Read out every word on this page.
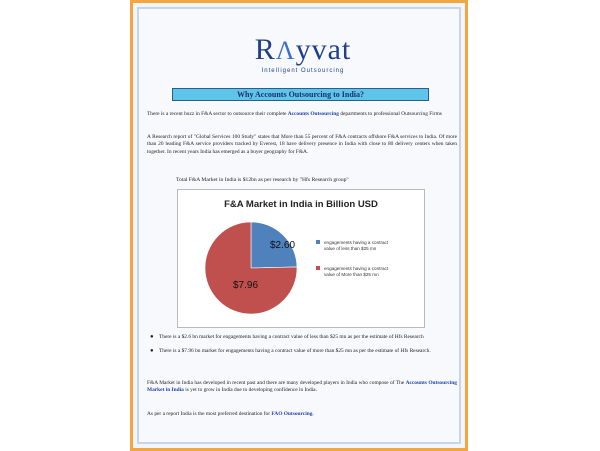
RΛyvat
Intelligent Outsourcing
Why Accounts Outsourcing to India?

There is a recent buzz in F&A sector to outsource their complete Accounts Outsourcing departments to professional Outsourcing Firms

A Research report of "Global Services 100 Study" states that More than 55 percent of F&A contracts offshore F&A services to India. Of more than 20 leading F&A service providers tracked by Everest, 18 have delivery presence in India with close to 80 delivery centers when taken together. In recent years India has emerged as a buyer geography for F&A.

Total F&A Market in India is $12bn as per research by "Hfs Research group"
F&A Market in India in Billion USD
$2.60
$7.96
engagements having a contract value of less than $25 mn
engagements having a contract value of More than $25 mn
● There is a $2.6 bn market for engagements having a contract value of less than $25 mn as per the estimate of Hfs Research
● There is a $7.96 bn market for engagements having a contract value of more than $25 mn as per the estimate of Hfs Research.

F&A Market in India has developed in recent past and there are many developed players in India who compose of The Accounts Outsourcing Market in India is yet to grow in India due to developing confidence in India.

As per a report India is the most preferred destination for FAO Outsourcing.
